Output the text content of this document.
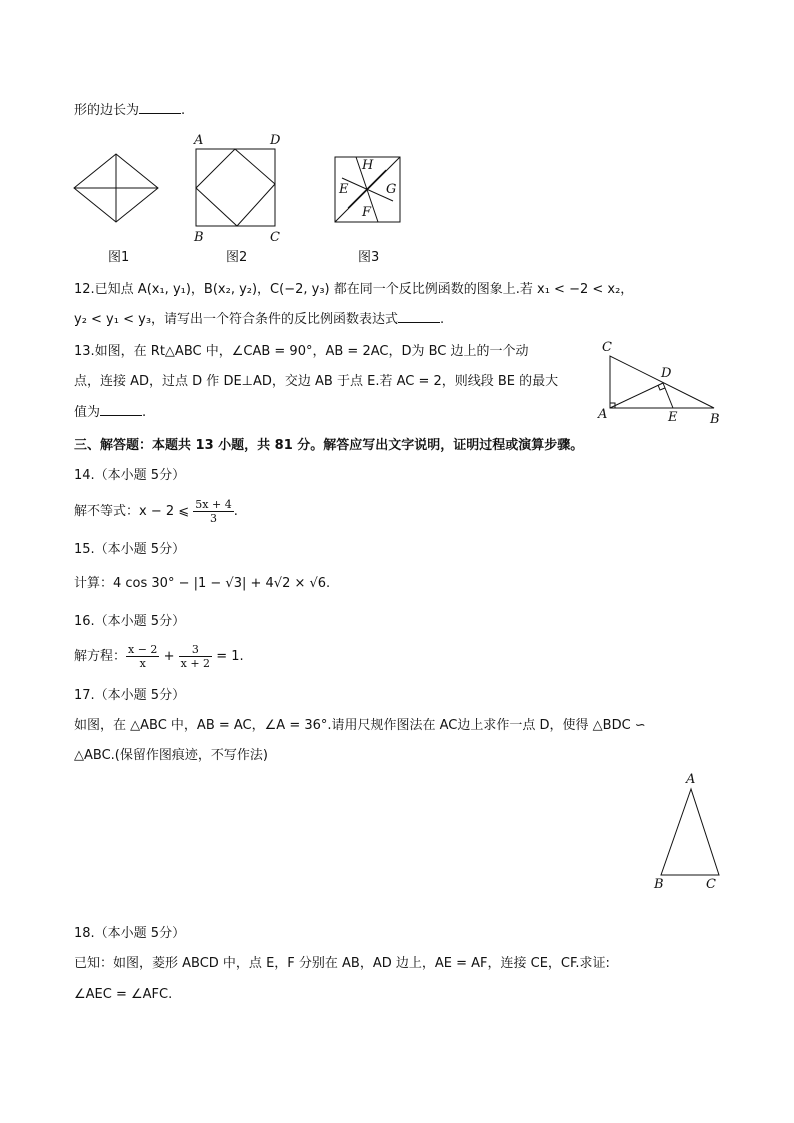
形的边长为	.
图1
A	D
B	C
图2
H
E	G
F
图3
12.已知点 A(x₁, y₁)，B(x₂, y₂)，C(−2, y₃) 都在同一个反比例函数的图象上.若 x₁ < −2 < x₂，
y₂ < y₁ < y₃，请写出一个符合条件的反比例函数表达式	.
13.如图，在 Rt△ABC 中，∠CAB = 90°，AB = 2AC，D为 BC 边上的一个动
点，连接 AD，过点 D 作 DE⊥AD，交边 AB 于点 E.若 AC = 2，则线段 BE 的最大
值为	.
C
D
A	E	B
三、解答题：本题共 13 小题，共 81 分。解答应写出文字说明，证明过程或演算步骤。
14.（本小题 5分）
解不等式：x − 2 ⩽ $\frac{5x + 4}{3}$ .
15.（本小题 5分）
计算：4 cos 30° − |1 − √3| + 4√2 × √6.
16.（本小题 5分）
解方程： $\frac{x - 2}{x} + \frac{3}{x + 2} = 1$.
17.（本小题 5分）
如图，在 △ABC 中，AB = AC，∠A = 36°.请用尺规作图法在 AC边上求作一点 D，使得 △BDC ∽
△ABC.(保留作图痕迹，不写作法)
A
B	C
18.（本小题 5分）
已知：如图，菱形 ABCD 中，点 E，F 分别在 AB，AD 边上，AE = AF，连接 CE，CF.求证:
∠AEC = ∠AFC.
